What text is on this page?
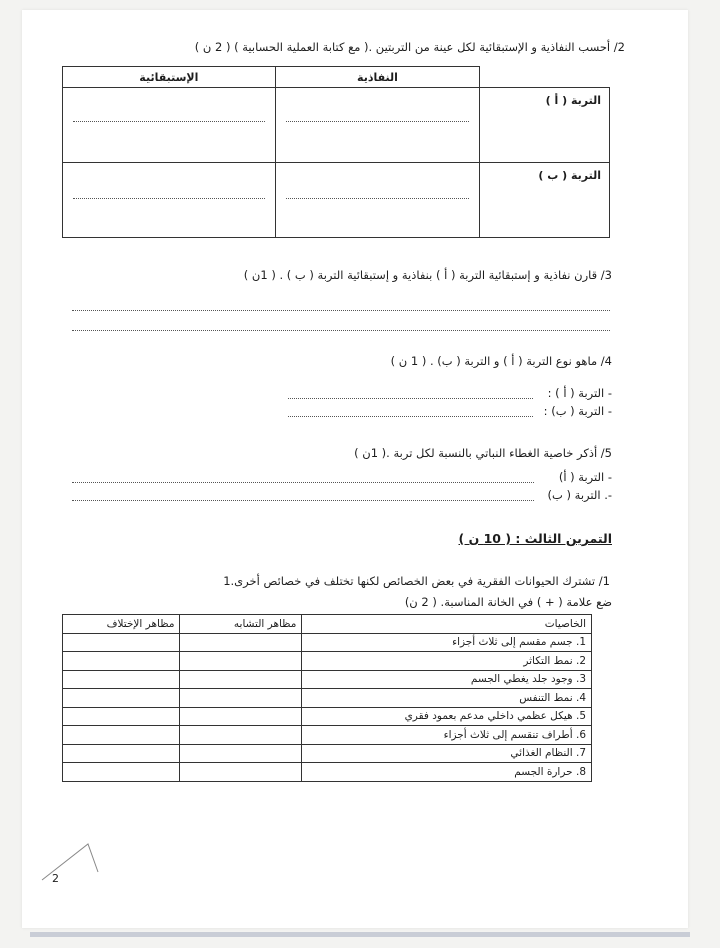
2/ أحسب النفاذية و الإستبقائية لكل عينة من التربتين .( مع كتابة العملية الحسابية ) ( 2 ن )
	النفاذية	الإستبقائية
التربة ( أ )	

التربة ( ب )	

3/ قارن نفاذية و إستبقائية التربة ( أ ) بنفاذية و إستبقائية التربة ( ب ) . ( 1ن )
4/ ماهو نوع التربة ( أ ) و التربة ( ب) . ( 1 ن )
- التربة ( أ ) :
- التربة ( ب) :
5/ أذكر خاصية الغطاء النباتي بالنسبة لكل تربة .( 1ن )
- التربة ( أ)
-. التربة ( ب)
التمرين الثالث : ( 10 ن )
1/ تشترك الحيوانات الفقرية في بعض الخصائص لكنها تختلف في خصائص أخرى.1
ضع علامة ( + ) في الخانة المناسبة. ( 2 ن)
الخاصيات	مظاهر التشابه	مظاهر الإختلاف
1. جسم مقسم إلى ثلاث أجزاء		
2. نمط التكاثر		
3. وجود جلد يغطي الجسم		
4. نمط التنفس		
5. هيكل عظمي داخلي مدعم بعمود فقري		
6. أطراف تنقسم إلى ثلاث أجزاء		
7. النظام الغذائي		
8. حرارة الجسم		
2
